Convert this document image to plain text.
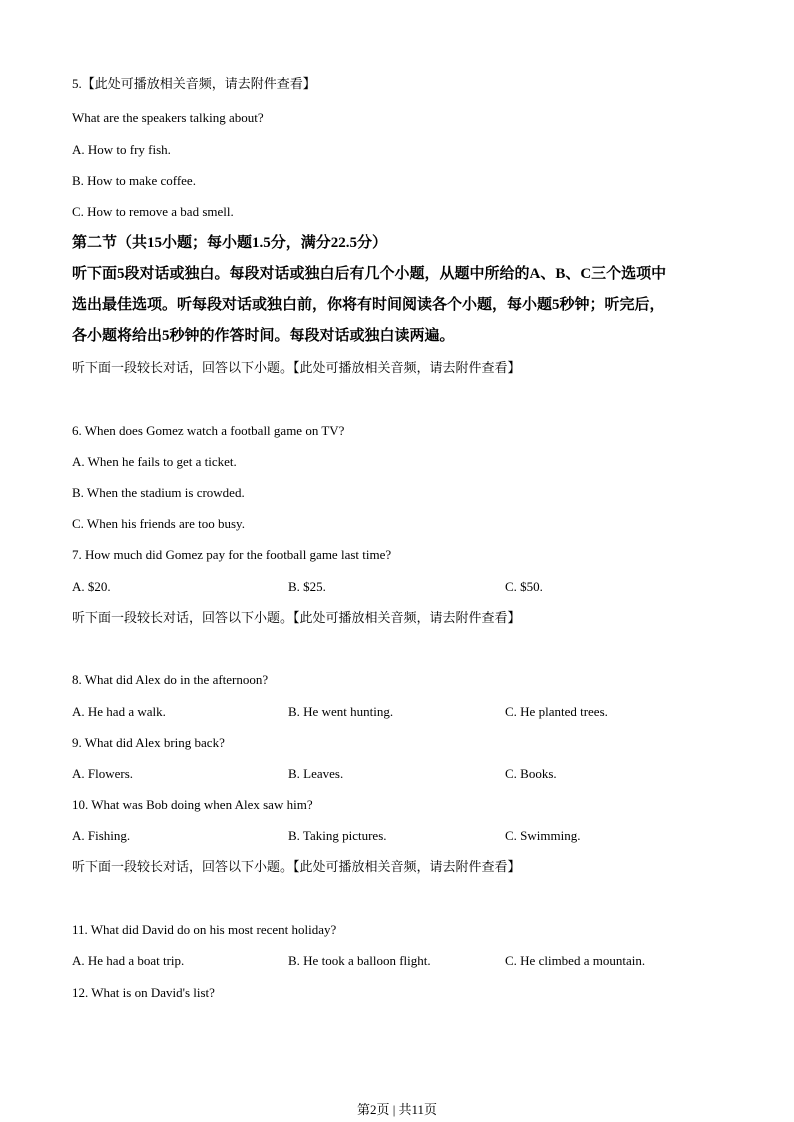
5.【此处可播放相关音频，请去附件查看】
What are the speakers talking about?
A. How to fry fish.
B. How to make coffee.
C. How to remove a bad smell.
第二节（共15小题；每小题1.5分，满分22.5分）
听下面5段对话或独白。每段对话或独白后有几个小题，从题中所给的A、B、C三个选项中
选出最佳选项。听每段对话或独白前，你将有时间阅读各个小题，每小题5秒钟；听完后，
各小题将给出5秒钟的作答时间。每段对话或独白读两遍。
听下面一段较长对话，回答以下小题。【此处可播放相关音频，请去附件查看】
6. When does Gomez watch a football game on TV?
A. When he fails to get a ticket.
B. When the stadium is crowded.
C. When his friends are too busy.
7. How much did Gomez pay for the football game last time?
A. $20.	B. $25.	C. $50.
听下面一段较长对话，回答以下小题。【此处可播放相关音频，请去附件查看】
8. What did Alex do in the afternoon?
A. He had a walk.	B. He went hunting.	C. He planted trees.
9. What did Alex bring back?
A. Flowers.	B. Leaves.	C. Books.
10. What was Bob doing when Alex saw him?
A. Fishing.	B. Taking pictures.	C. Swimming.
听下面一段较长对话，回答以下小题。【此处可播放相关音频，请去附件查看】
11. What did David do on his most recent holiday?
A. He had a boat trip.	B. He took a balloon flight.	C. He climbed a mountain.
12. What is on David's list?
第2页 | 共11页
